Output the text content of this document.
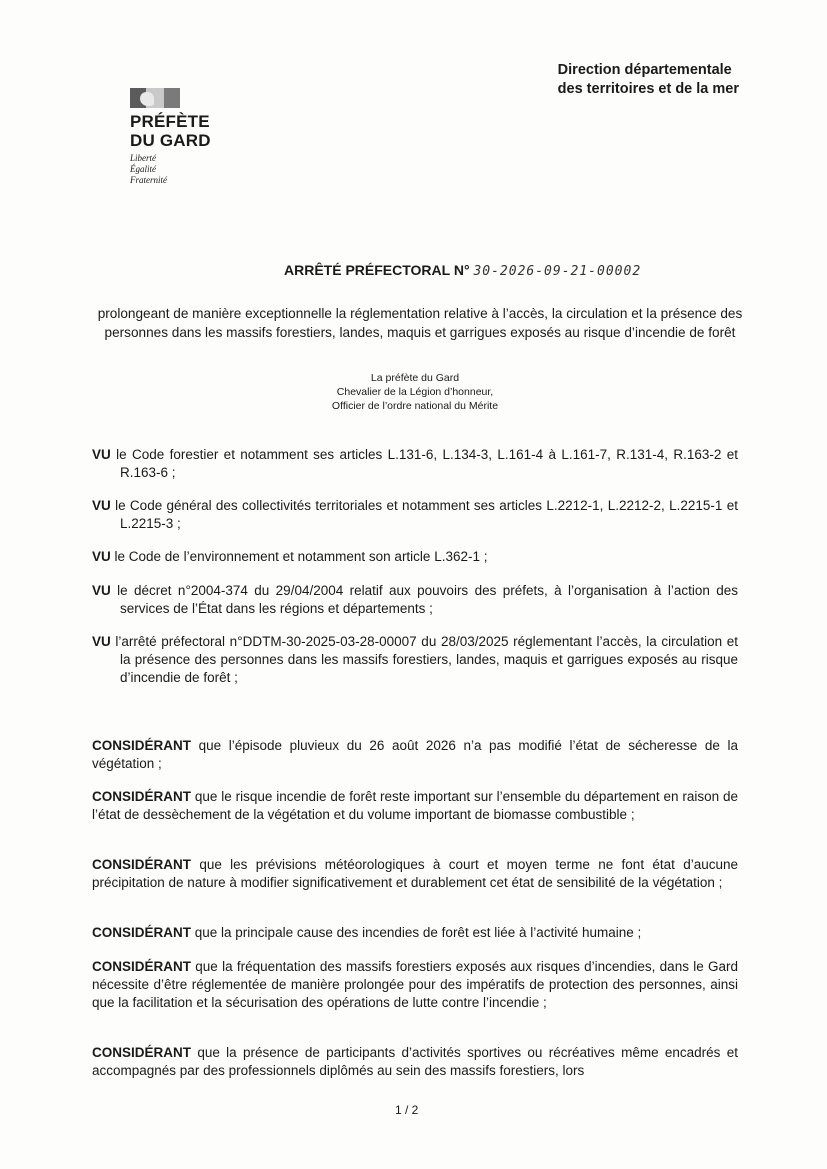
PRÉFÈTE
DU GARD
Liberté
Égalité
Fraternité
Direction départementale
des territoires et de la mer
ARRÊTÉ PRÉFECTORAL N° 30-2026-09-21-00002
prolongeant de manière exceptionnelle la réglementation relative à l’accès, la circulation et la présence des personnes dans les massifs forestiers, landes, maquis et garrigues exposés au risque d’incendie de forêt
La préfète du Gard
Chevalier de la Légion d’honneur,
Officier de l’ordre national du Mérite
VU le Code forestier et notamment ses articles L.131-6, L.134-3, L.161-4 à L.161-7, R.131-4, R.163-2 et R.163-6 ;
VU le Code général des collectivités territoriales et notamment ses articles L.2212-1, L.2212-2, L.2215-1 et L.2215-3 ;
VU le Code de l’environnement et notamment son article L.362-1 ;
VU le décret n°2004-374 du 29/04/2004 relatif aux pouvoirs des préfets, à l’organisation à l’action des services de l’État dans les régions et départements ;
VU l’arrêté préfectoral n°DDTM-30-2025-03-28-00007 du 28/03/2025 réglementant l’accès, la circulation et la présence des personnes dans les massifs forestiers, landes, maquis et garrigues exposés au risque d’incendie de forêt ;
CONSIDÉRANT que l’épisode pluvieux du 26 août 2026 n’a pas modifié l’état de sécheresse de la végétation ;
CONSIDÉRANT que le risque incendie de forêt reste important sur l’ensemble du département en raison de l’état de dessèchement de la végétation et du volume important de biomasse combustible ;
CONSIDÉRANT que les prévisions météorologiques à court et moyen terme ne font état d’aucune précipitation de nature à modifier significativement et durablement cet état de sensibilité de la végétation ;
CONSIDÉRANT que la principale cause des incendies de forêt est liée à l’activité humaine ;
CONSIDÉRANT que la fréquentation des massifs forestiers exposés aux risques d’incendies, dans le Gard nécessite d’être réglementée de manière prolongée pour des impératifs de protection des personnes, ainsi que la facilitation et la sécurisation des opérations de lutte contre l’incendie ;
CONSIDÉRANT que la présence de participants d’activités sportives ou récréatives même encadrés et accompagnés par des professionnels diplômés au sein des massifs forestiers, lors
1 / 2
